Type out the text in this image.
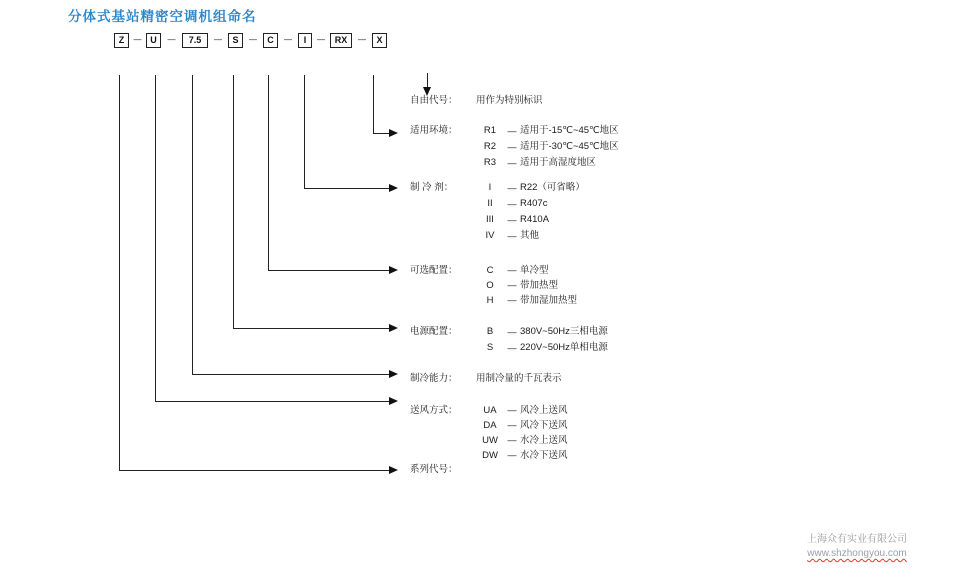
分体式基站精密空调机组命名
Z	— U	—	7.5	—	S	—	C	—	I	—	RX	—	X
自由代号：	用作为特别标识
适用环境：	R1	— 适用于-15℃~45℃地区
R2	— 适用于-30℃~45℃地区
R3	— 适用于高湿度地区
制 冷 剂：	I	— R22（可省略）
II	— R407c
III	— R410A
IV	— 其他
可选配置：	C	— 单冷型
O	— 带加热型
H	— 带加湿加热型
电源配置：	B	— 380V~50Hz三相电源
S	— 220V~50Hz单相电源
制冷能力：	用制冷量的千瓦表示
送风方式：	UA	— 风冷上送风
DA	— 风冷下送风
UW	— 水冷上送风
DW	— 水冷下送风
系列代号：
上海众有实业有限公司
www.shzhongyou.com
